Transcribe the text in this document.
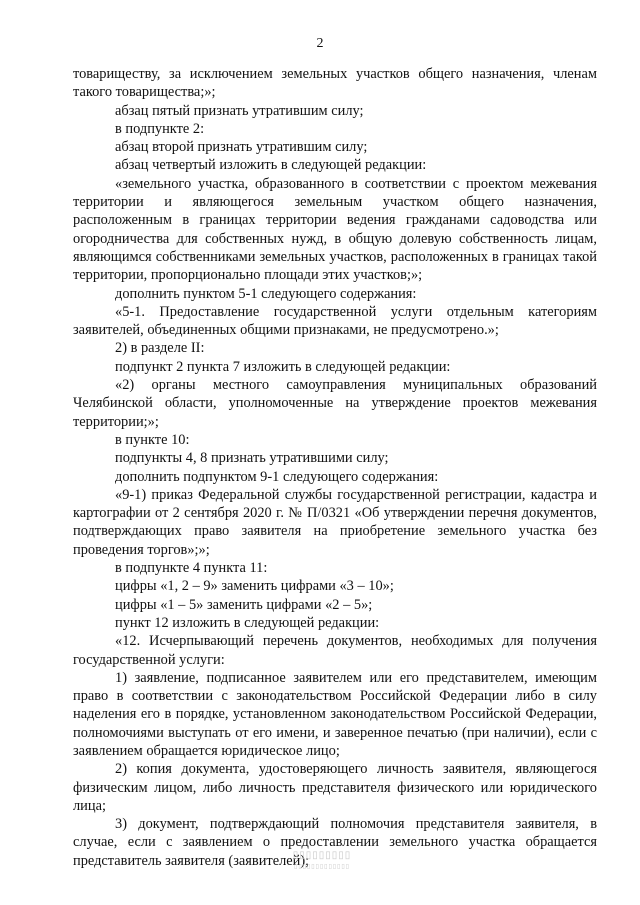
2

товариществу, за исключением земельных участков общего назначения, членам такого товарищества;»;

абзац пятый признать утратившим силу;

в подпункте 2:

абзац второй признать утратившим силу;

абзац четвертый изложить в следующей редакции:

«земельного участка, образованного в соответствии с проектом межевания территории и являющегося земельным участком общего назначения, расположенным в границах территории ведения гражданами садоводства или огородничества для собственных нужд, в общую долевую собственность лицам, являющимся собственниками земельных участков, расположенных в границах такой территории, пропорционально площади этих участков;»;

дополнить пунктом 5-1 следующего содержания:

«5-1. Предоставление государственной услуги отдельным категориям заявителей, объединенных общими признаками, не предусмотрено.»;

2) в разделе II:

подпункт 2 пункта 7 изложить в следующей редакции:

«2) органы местного самоуправления муниципальных образований Челябинской области, уполномоченные на утверждение проектов межевания территории;»;

в пункте 10:

подпункты 4, 8 признать утратившими силу;

дополнить подпунктом 9-1 следующего содержания:

«9-1) приказ Федеральной службы государственной регистрации, кадастра и картографии от 2 сентября 2020 г. № П/0321 «Об утверждении перечня документов, подтверждающих право заявителя на приобретение земельного участка без проведения торгов»;»;

в подпункте 4 пункта 11:

цифры «1, 2 – 9» заменить цифрами «3 – 10»;

цифры «1 – 5» заменить цифрами «2 – 5»;

пункт 12 изложить в следующей редакции:

«12. Исчерпывающий перечень документов, необходимых для получения государственной услуги:

1) заявление, подписанное заявителем или его представителем, имеющим право в соответствии с законодательством Российской Федерации либо в силу наделения его в порядке, установленном законодательством Российской Федерации, полномочиями выступать от его имени, и заверенное печатью (при наличии), если с заявлением обращается юридическое лицо;

2) копия документа, удостоверяющего личность заявителя, являющегося физическим лицом, либо личность представителя физического или юридического лица;

3) документ, подтверждающий полномочия представителя заявителя, в случае, если с заявлением о предоставлении земельного участка обращается представитель заявителя (заявителей);

▯▯▯▯▯▯▯▯▯
▯▯▯▯▯▯▯▯▯▯▯▯▯
